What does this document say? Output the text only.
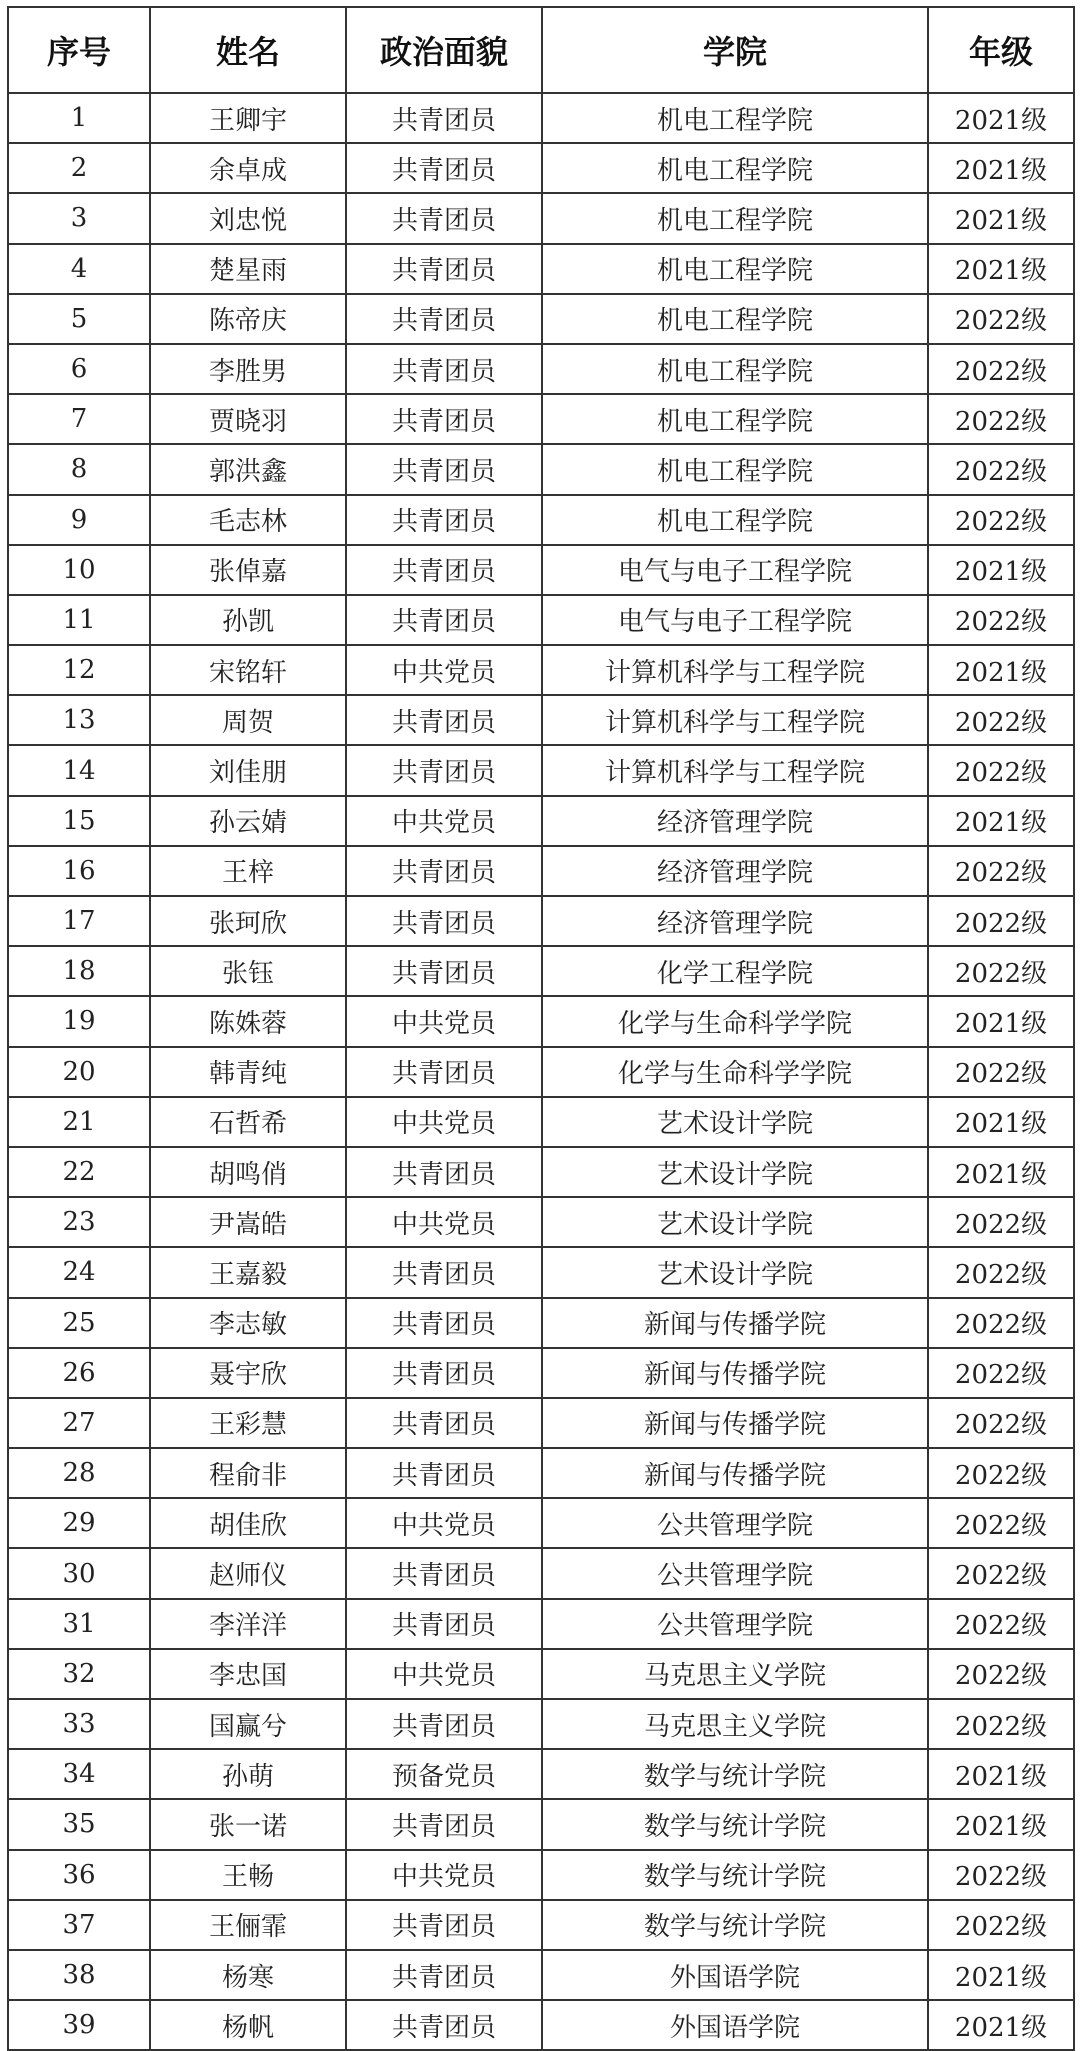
序号	姓名	政治面貌	学院	年级
1	王卿宇	共青团员	机电工程学院	2021级
2	余卓成	共青团员	机电工程学院	2021级
3	刘忠悦	共青团员	机电工程学院	2021级
4	楚星雨	共青团员	机电工程学院	2021级
5	陈帝庆	共青团员	机电工程学院	2022级
6	李胜男	共青团员	机电工程学院	2022级
7	贾晓羽	共青团员	机电工程学院	2022级
8	郭洪鑫	共青团员	机电工程学院	2022级
9	毛志林	共青团员	机电工程学院	2022级
10	张倬嘉	共青团员	电气与电子工程学院	2021级
11	孙凯	共青团员	电气与电子工程学院	2022级
12	宋铭轩	中共党员	计算机科学与工程学院	2021级
13	周贺	共青团员	计算机科学与工程学院	2022级
14	刘佳朋	共青团员	计算机科学与工程学院	2022级
15	孙云婧	中共党员	经济管理学院	2021级
16	王梓	共青团员	经济管理学院	2022级
17	张珂欣	共青团员	经济管理学院	2022级
18	张钰	共青团员	化学工程学院	2022级
19	陈姝蓉	中共党员	化学与生命科学学院	2021级
20	韩青纯	共青团员	化学与生命科学学院	2022级
21	石哲希	中共党员	艺术设计学院	2021级
22	胡鸣俏	共青团员	艺术设计学院	2021级
23	尹嵩皓	中共党员	艺术设计学院	2022级
24	王嘉毅	共青团员	艺术设计学院	2022级
25	李志敏	共青团员	新闻与传播学院	2022级
26	聂宇欣	共青团员	新闻与传播学院	2022级
27	王彩慧	共青团员	新闻与传播学院	2022级
28	程俞非	共青团员	新闻与传播学院	2022级
29	胡佳欣	中共党员	公共管理学院	2022级
30	赵师仪	共青团员	公共管理学院	2022级
31	李洋洋	共青团员	公共管理学院	2022级
32	李忠国	中共党员	马克思主义学院	2022级
33	国赢兮	共青团员	马克思主义学院	2022级
34	孙萌	预备党员	数学与统计学院	2021级
35	张一诺	共青团员	数学与统计学院	2021级
36	王畅	中共党员	数学与统计学院	2022级
37	王俪霏	共青团员	数学与统计学院	2022级
38	杨寒	共青团员	外国语学院	2021级
39	杨帆	共青团员	外国语学院	2021级
